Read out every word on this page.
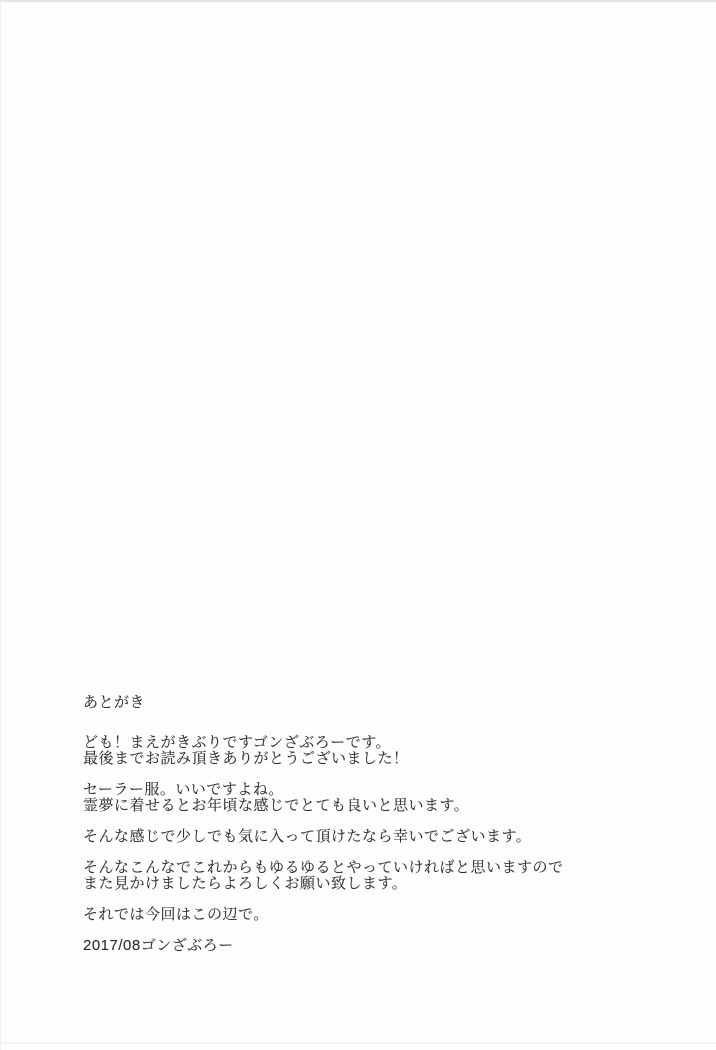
あとがき
ども！まえがきぶりですゴンざぶろーです。
最後までお読み頂きありがとうございました！
セーラー服。いいですよね。
霊夢に着せるとお年頃な感じでとても良いと思います。
そんな感じで少しでも気に入って頂けたなら幸いでございます。
そんなこんなでこれからもゆるゆるとやっていければと思いますので
また見かけましたらよろしくお願い致します。
それでは今回はこの辺で。
2017/08ゴンざぶろー
